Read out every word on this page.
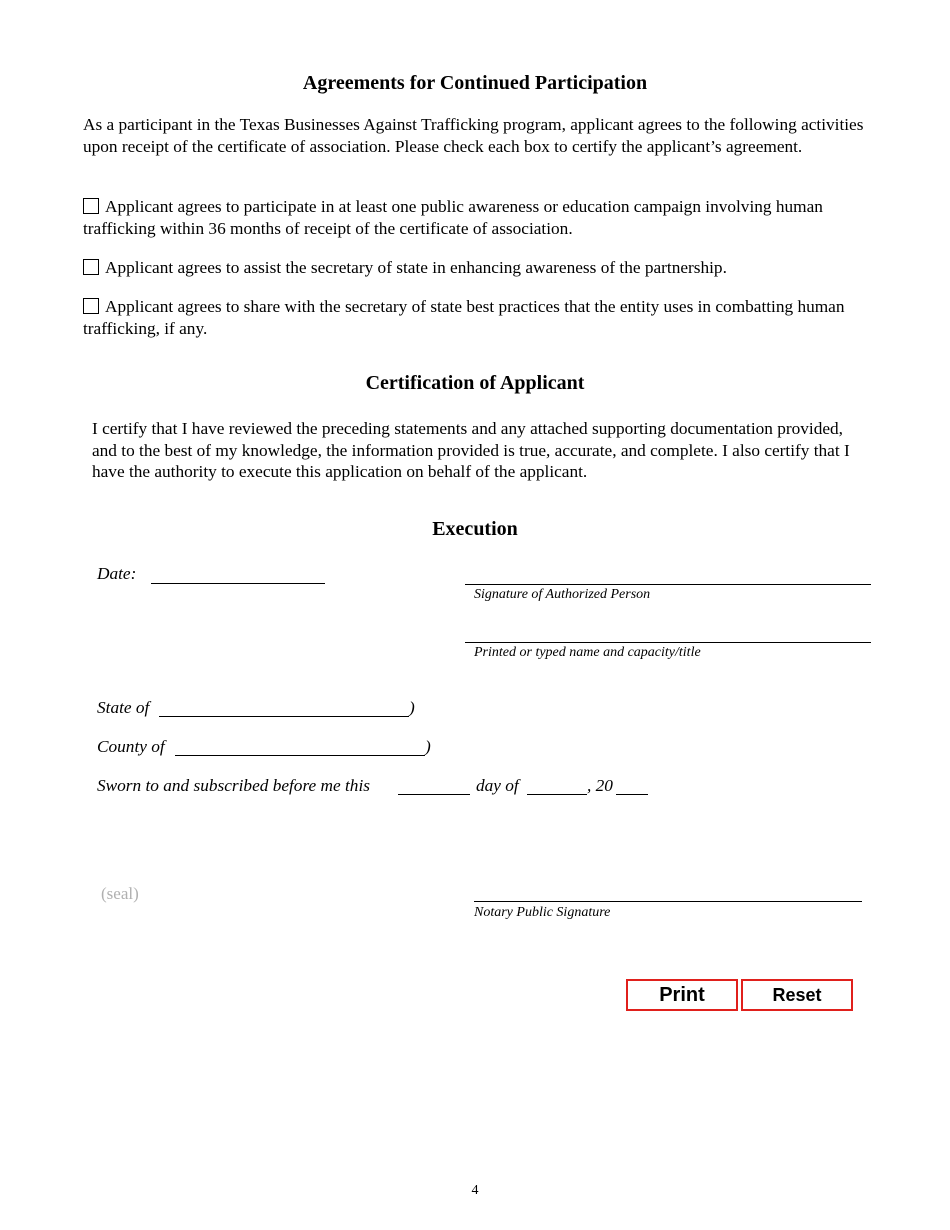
Agreements for Continued Participation

As a participant in the Texas Businesses Against Trafficking program, applicant agrees to the following activities upon receipt of the certificate of association. Please check each box to certify the applicant’s agreement.

Applicant agrees to participate in at least one public awareness or education campaign involving human trafficking within 36 months of receipt of the certificate of association.

Applicant agrees to assist the secretary of state in enhancing awareness of the partnership.

Applicant agrees to share with the secretary of state best practices that the entity uses in combatting human trafficking, if any.

Certification of Applicant

I certify that I have reviewed the preceding statements and any attached supporting documentation provided, and to the best of my knowledge, the information provided is true, accurate, and complete. I also certify that I have the authority to execute this application on behalf of the applicant.

Execution
Date:
Signature of Authorized Person
Printed or typed name and capacity/title
State of	)
County of	)
Sworn to and subscribed before me this	day of	, 20
(seal)
Notary Public Signature
Print	Reset
4
